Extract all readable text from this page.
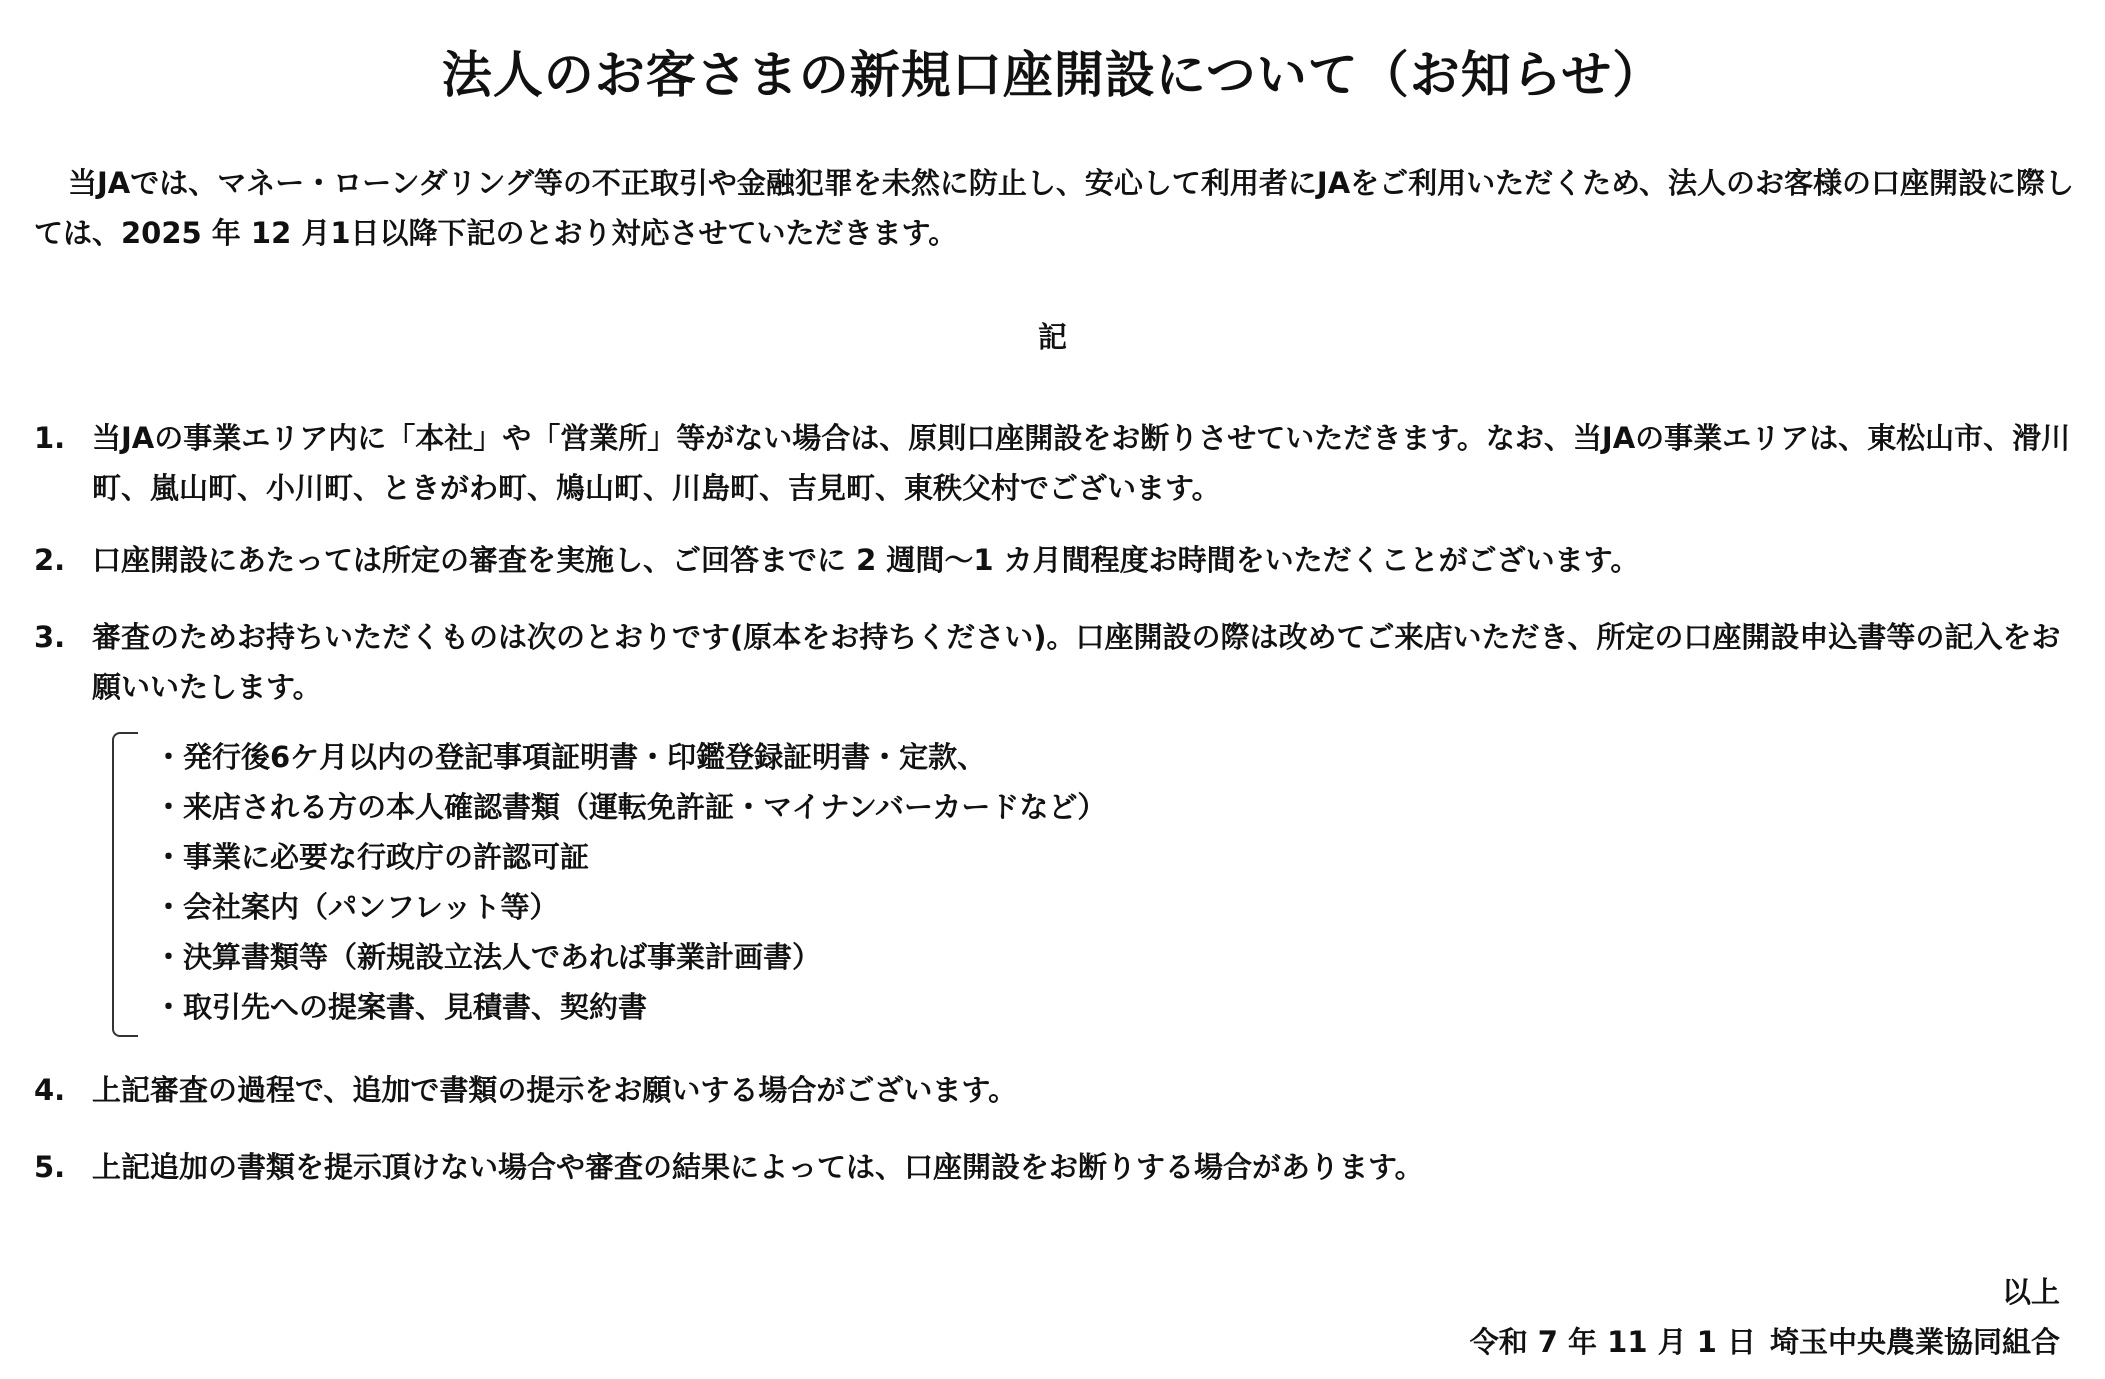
法人のお客さまの新規口座開設について（お知らせ）
当JAでは、マネー・ローンダリング等の不正取引や金融犯罪を未然に防止し、安心して利用者にJAをご利用いただくため、法人のお客様の口座開設に際しては、2025 年 12 月1日以降下記のとおり対応させていただきます。
記
1. 当JAの事業エリア内に「本社」や「営業所」等がない場合は、原則口座開設をお断りさせていただきます。なお、当JAの事業エリアは、東松山市、滑川町、嵐山町、小川町、ときがわ町、鳩山町、川島町、吉見町、東秩父村でございます。
2. 口座開設にあたっては所定の審査を実施し、ご回答までに 2 週間～1 カ月間程度お時間をいただくことがございます。
3. 審査のためお持ちいただくものは次のとおりです(原本をお持ちください)。口座開設の際は改めてご来店いただき、所定の口座開設申込書等の記入をお願いいたします。
・発行後6ケ月以内の登記事項証明書・印鑑登録証明書・定款、
・来店される方の本人確認書類（運転免許証・マイナンバーカードなど）
・事業に必要な行政庁の許認可証
・会社案内（パンフレット等）
・決算書類等（新規設立法人であれば事業計画書）
・取引先への提案書、見積書、契約書
4. 上記審査の過程で、追加で書類の提示をお願いする場合がございます。
5. 上記追加の書類を提示頂けない場合や審査の結果によっては、口座開設をお断りする場合があります。
以上
令和 7 年 11 月 1 日 埼玉中央農業協同組合
